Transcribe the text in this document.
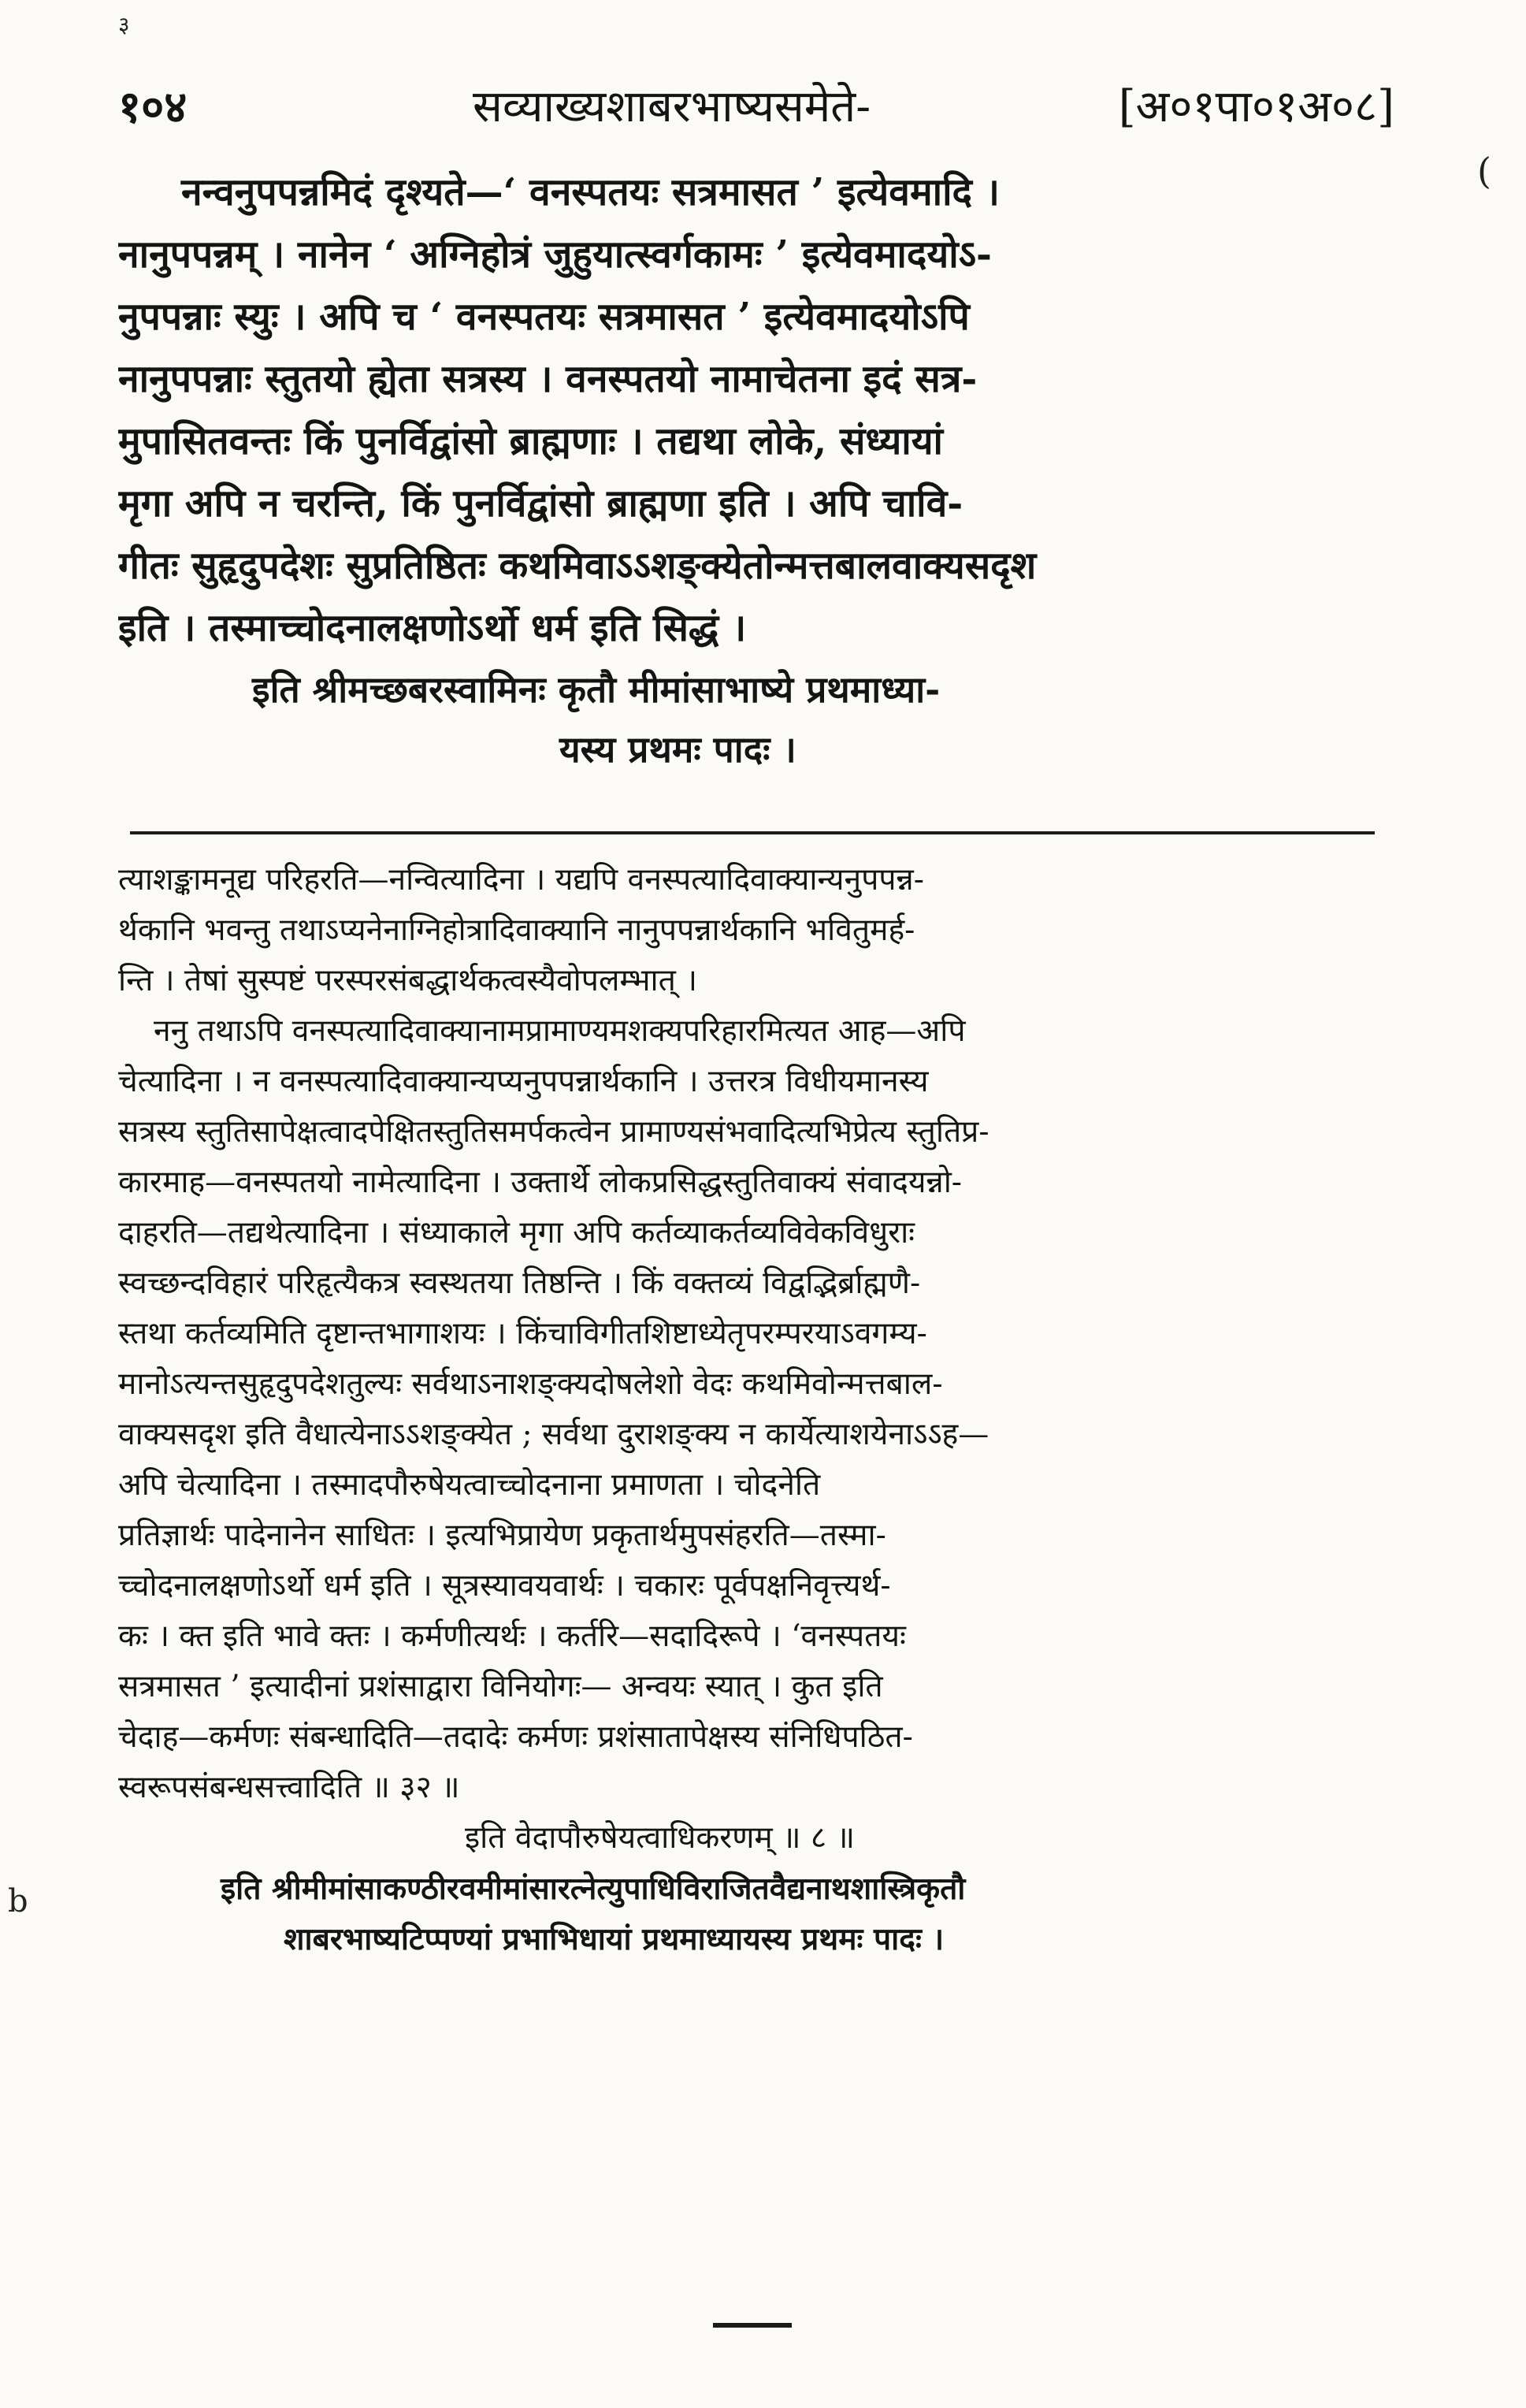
३
(
b
१०४	सव्याख्यशाबरभाष्यसमेते-	[अ०१पा०१अ०८]
नन्वनुपपन्नमिदं दृश्यते—‘ वनस्पतयः सत्रमासत ’ इत्येवमादि ।
नानुपपन्नम् । नानेन ‘ अग्निहोत्रं जुहुयात्स्वर्गकामः ’ इत्येवमादयोऽ-
नुपपन्नाः स्युः । अपि च ‘ वनस्पतयः सत्रमासत ’ इत्येवमादयोऽपि
नानुपपन्नाः स्तुतयो ह्येता सत्रस्य । वनस्पतयो नामाचेतना इदं सत्र-
मुपासितवन्तः किं पुनर्विद्वांसो ब्राह्मणाः । तद्यथा लोके, संध्यायां
मृगा अपि न चरन्ति, किं पुनर्विद्वांसो ब्राह्मणा इति । अपि चावि-
गीतः सुहृदुपदेशः सुप्रतिष्ठितः कथमिवाऽऽशङ्क्येतोन्मत्तबालवाक्यसदृश
इति । तस्माच्चोदनालक्षणोऽर्थो धर्म इति सिद्धं ।
इति श्रीमच्छबरस्वामिनः कृतौ मीमांसाभाष्ये प्रथमाध्या-
यस्य प्रथमः पादः ।
त्याशङ्कामनूद्य परिहरति—नन्वित्यादिना । यद्यपि वनस्पत्यादिवाक्यान्यनुपपन्न-
र्थकानि भवन्तु तथाऽप्यनेनाग्निहोत्रादिवाक्यानि नानुपपन्नार्थकानि भवितुमर्ह-
न्ति । तेषां सुस्पष्टं परस्परसंबद्धार्थकत्वस्यैवोपलम्भात् ।
ननु तथाऽपि वनस्पत्यादिवाक्यानामप्रामाण्यमशक्यपरिहारमित्यत आह—अपि
चेत्यादिना । न वनस्पत्यादिवाक्यान्यप्यनुपपन्नार्थकानि । उत्तरत्र विधीयमानस्य
सत्रस्य स्तुतिसापेक्षत्वादपेक्षितस्तुतिसमर्पकत्वेन प्रामाण्यसंभवादित्यभिप्रेत्य स्तुतिप्र-
कारमाह—वनस्पतयो नामेत्यादिना । उक्तार्थे लोकप्रसिद्धस्तुतिवाक्यं संवादयन्नो-
दाहरति—तद्यथेत्यादिना । संध्याकाले मृगा अपि कर्तव्याकर्तव्यविवेकविधुराः
स्वच्छन्दविहारं परिहृत्यैकत्र स्वस्थतया तिष्ठन्ति । किं वक्तव्यं विद्वद्भिर्ब्राह्मणै-
स्तथा कर्तव्यमिति दृष्टान्तभागाशयः । किंचाविगीतशिष्टाध्येतृपरम्परयाऽवगम्य-
मानोऽत्यन्तसुहृदुपदेशतुल्यः सर्वथाऽनाशङ्क्यदोषलेशो वेदः कथमिवोन्मत्तबाल-
वाक्यसदृश इति वैधात्येनाऽऽशङ्क्येत ; सर्वथा दुराशङ्क्य न कार्येत्याशयेनाऽऽह—
अपि चेत्यादिना । तस्मादपौरुषेयत्वाच्चोदनाना प्रमाणता । चोदनेति
प्रतिज्ञार्थः पादेनानेन साधितः । इत्यभिप्रायेण प्रकृतार्थमुपसंहरति—तस्मा-
च्चोदनालक्षणोऽर्थो धर्म इति । सूत्रस्यावयवार्थः । चकारः पूर्वपक्षनिवृत्त्यर्थ-
कः । क्त इति भावे क्तः । कर्मणीत्यर्थः । कर्तरि—सदादिरूपे । ‘वनस्पतयः
सत्रमासत ’ इत्यादीनां प्रशंसाद्वारा विनियोगः— अन्वयः स्यात् । कुत इति
चेदाह—कर्मणः संबन्धादिति—तदादेः कर्मणः प्रशंसातापेक्षस्य संनिधिपठित-
स्वरूपसंबन्धसत्त्वादिति ॥ ३२ ॥
इति वेदापौरुषेयत्वाधिकरणम् ॥ ८ ॥
इति श्रीमीमांसाकण्ठीरवमीमांसारत्नेत्युपाधिविराजितवैद्यनाथशास्त्रिकृतौ
शाबरभाष्यटिप्पण्यां प्रभाभिधायां प्रथमाध्यायस्य प्रथमः पादः ।
